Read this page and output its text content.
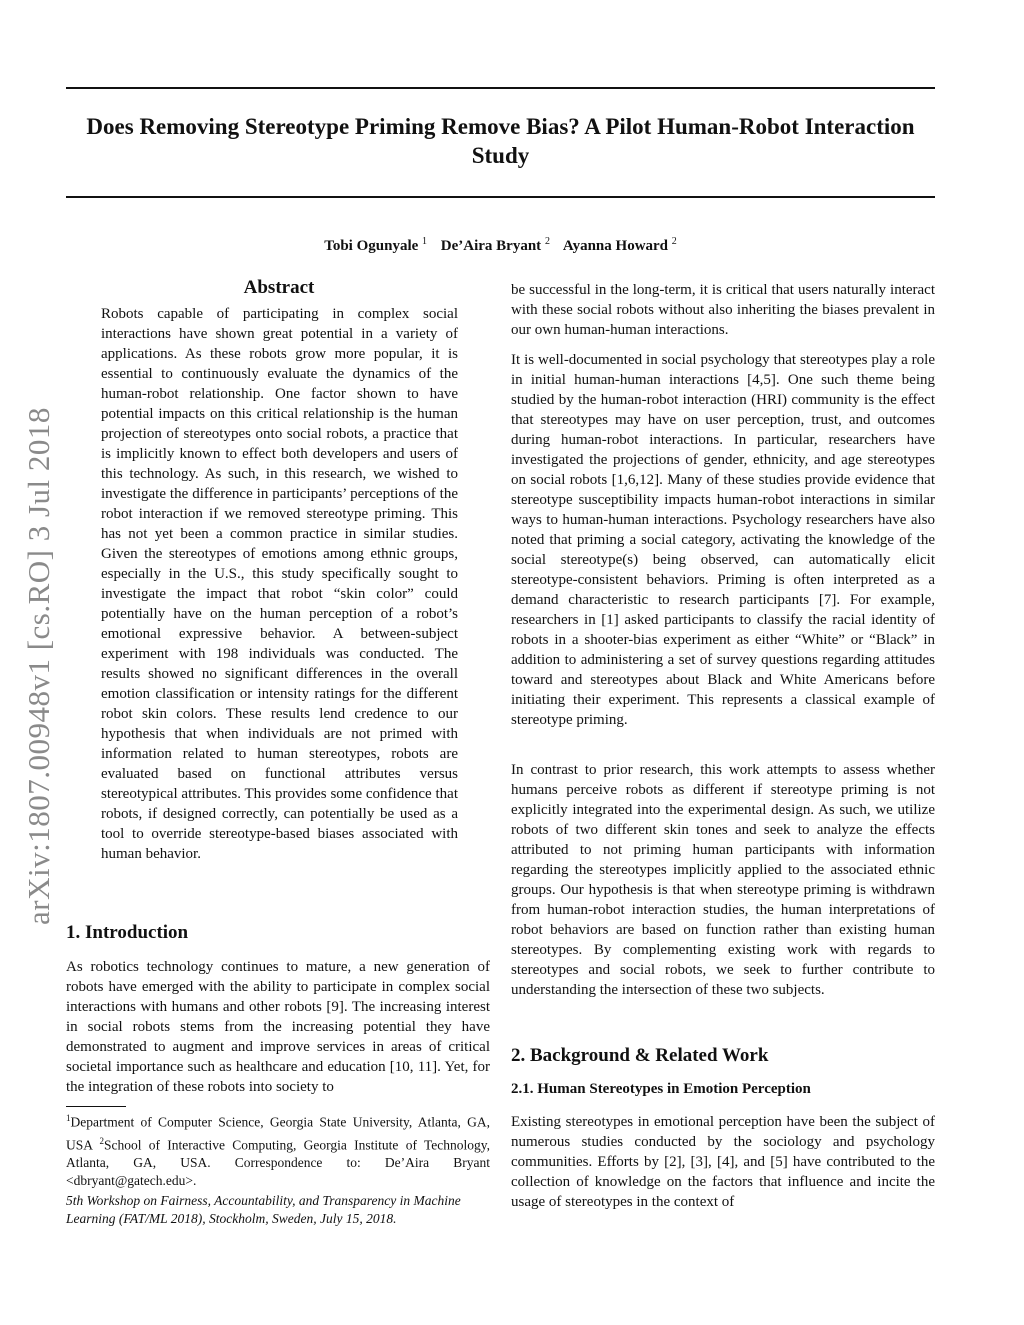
Does Removing Stereotype Priming Remove Bias? A Pilot Human-Robot Interaction Study
Tobi Ogunyale $^1$ De’Aira Bryant $^2$ Ayanna Howard $^2$
arXiv:1807.00948v1 [cs.RO] 3 Jul 2018
Abstract

Robots capable of participating in complex social interactions have shown great potential in a variety of applications. As these robots grow more popular, it is essential to continuously evaluate the dynamics of the human-robot relationship. One factor shown to have potential impacts on this critical relationship is the human projection of stereotypes onto social robots, a practice that is implicitly known to effect both developers and users of this technology. As such, in this research, we wished to investigate the difference in participants’ perceptions of the robot interaction if we removed stereotype priming. This has not yet been a common practice in similar studies. Given the stereotypes of emotions among ethnic groups, especially in the U.S., this study specifically sought to investigate the impact that robot “skin color” could potentially have on the human perception of a robot’s emotional expressive behavior. A between-subject experiment with 198 individuals was conducted. The results showed no significant differences in the overall emotion classification or intensity ratings for the different robot skin colors. These results lend credence to our hypothesis that when individuals are not primed with information related to human stereotypes, robots are evaluated based on functional attributes versus stereotypical attributes. This provides some confidence that robots, if designed correctly, can potentially be used as a tool to override stereotype-based biases associated with human behavior.

1. Introduction

As robotics technology continues to mature, a new generation of robots have emerged with the ability to participate in complex social interactions with humans and other robots [9]. The increasing interest in social robots stems from the increasing potential they have demonstrated to augment and improve services in areas of critical societal importance such as healthcare and education [10, 11]. Yet, for the integration of these robots into society to

$^1$Department of Computer Science, Georgia State University, Atlanta, GA, USA $^2$School of Interactive Computing, Georgia Institute of Technology, Atlanta, GA, USA. Correspondence to: De’Aira Bryant <dbryant@gatech.edu>.

5th Workshop on Fairness, Accountability, and Transparency in Machine Learning (FAT/ML 2018), Stockholm, Sweden, July 15, 2018.

be successful in the long-term, it is critical that users naturally interact with these social robots without also inheriting the biases prevalent in our own human-human interactions.

It is well-documented in social psychology that stereotypes play a role in initial human-human interactions [4,5]. One such theme being studied by the human-robot interaction (HRI) community is the effect that stereotypes may have on user perception, trust, and outcomes during human-robot interactions. In particular, researchers have investigated the projections of gender, ethnicity, and age stereotypes on social robots [1,6,12]. Many of these studies provide evidence that stereotype susceptibility impacts human-robot interactions in similar ways to human-human interactions. Psychology researchers have also noted that priming a social category, activating the knowledge of the social stereotype(s) being observed, can automatically elicit stereotype-consistent behaviors. Priming is often interpreted as a demand characteristic to research participants [7]. For example, researchers in [1] asked participants to classify the racial identity of robots in a shooter-bias experiment as either “White” or “Black” in addition to administering a set of survey questions regarding attitudes toward and stereotypes about Black and White Americans before initiating their experiment. This represents a classical example of stereotype priming.

In contrast to prior research, this work attempts to assess whether humans perceive robots as different if stereotype priming is not explicitly integrated into the experimental design. As such, we utilize robots of two different skin tones and seek to analyze the effects attributed to not priming human participants with information regarding the stereotypes implicitly applied to the associated ethnic groups. Our hypothesis is that when stereotype priming is withdrawn from human-robot interaction studies, the human interpretations of robot behaviors are based on function rather than existing human stereotypes. By complementing existing work with regards to stereotypes and social robots, we seek to further contribute to understanding the intersection of these two subjects.

2. Background & Related Work
2.1. Human Stereotypes in Emotion Perception

Existing stereotypes in emotional perception have been the subject of numerous studies conducted by the sociology and psychology communities. Efforts by [2], [3], [4], and [5] have contributed to the collection of knowledge on the factors that influence and incite the usage of stereotypes in the context of
